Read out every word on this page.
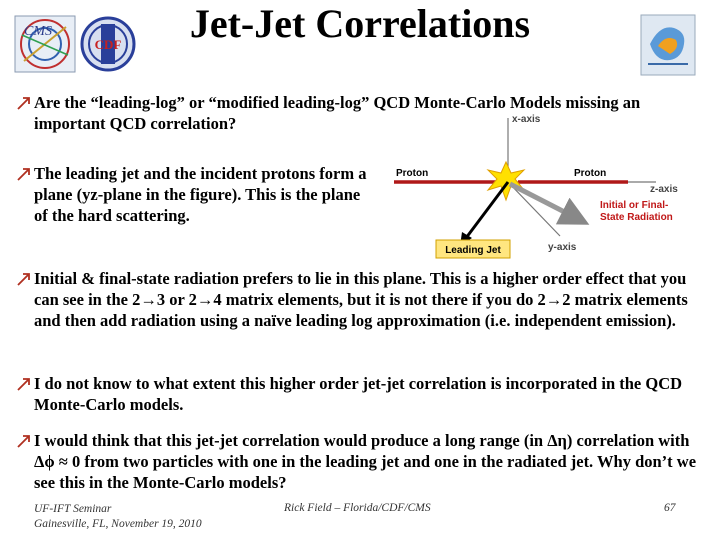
CMS
CDF	Jet-Jet Correlations
Are the “leading-log” or “modified leading-log” QCD Monte-Carlo Models missing an important QCD correlation?
The leading jet and the incident protons form a plane (yz-plane in the figure). This is the plane of the hard scattering.
x-axis
z-axis
y-axis
Proton	Proton
Leading Jet
Initial or Final-
State Radiation
Initial & final-state radiation prefers to lie in this plane. This is a higher order effect that you can see in the 2→3 or 2→4 matrix elements, but it is not there if you do 2→2 matrix elements and then add radiation using a naïve leading log approximation (i.e. independent emission).
I do not know to what extent this higher order jet-jet correlation is incorporated in the QCD Monte-Carlo models.
I would think that this jet-jet correlation would produce a long range (in Δη) correlation with Δϕ ≈ 0 from two particles with one in the leading jet and one in the radiated jet. Why don’t we see this in the Monte-Carlo models?
UF-IFT Seminar
Gainesville, FL, November 19, 2010
Rick Field – Florida/CDF/CMS	67
